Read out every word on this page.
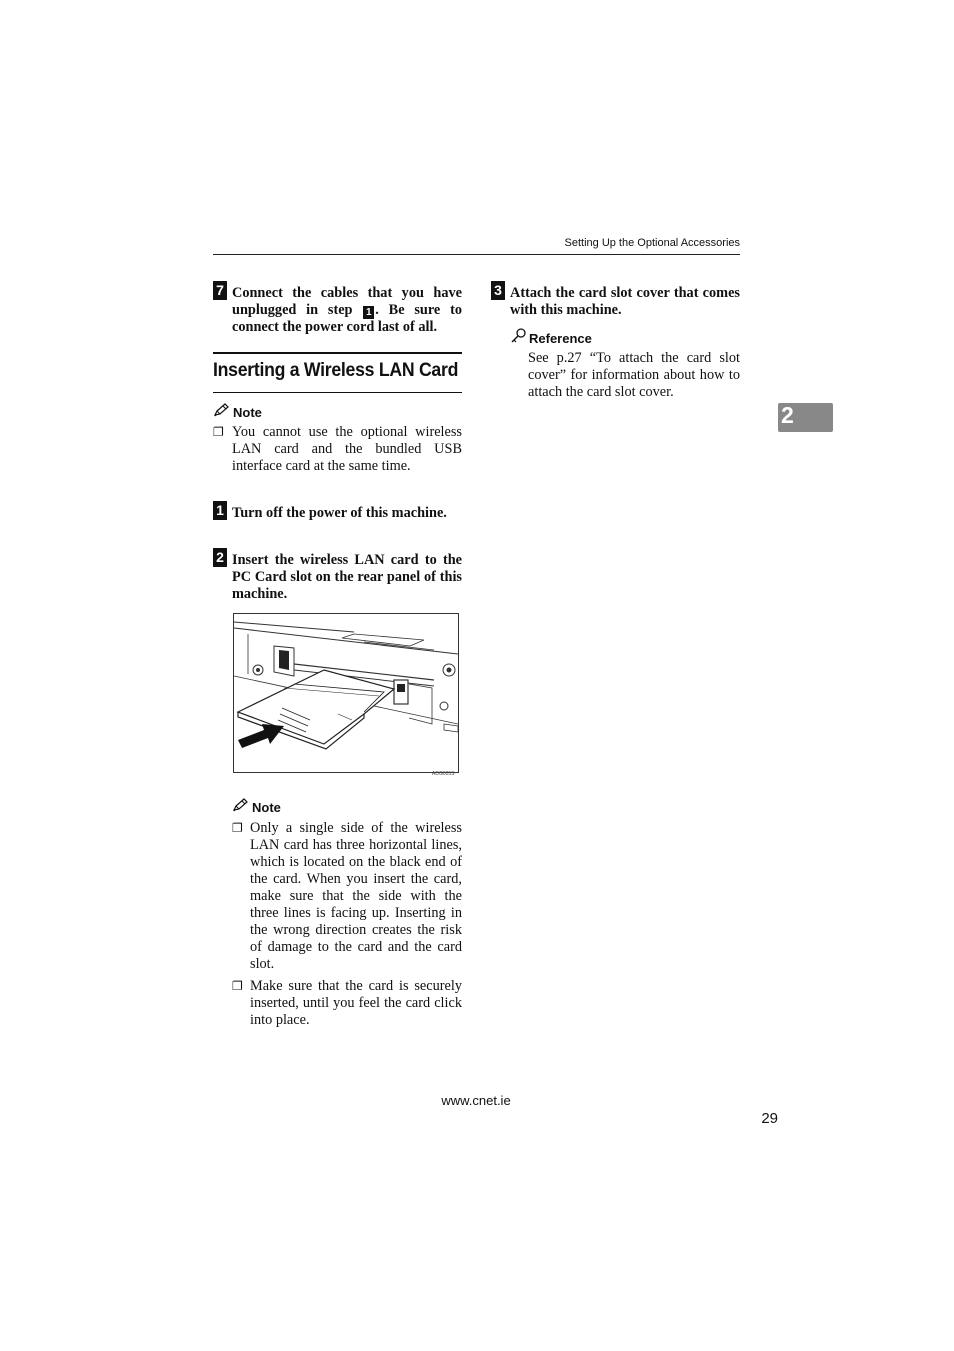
Setting Up the Optional Accessories
2
7 Connect the cables that you have unplugged in step 1 . Be sure to connect the power cord last of all.
Inserting a Wireless LAN Card
Note
❐ You cannot use the optional wireless LAN card and the bundled USB interface card at the same time.
1 Turn off the power of this machine.
2 Insert the wireless LAN card to the PC Card slot on the rear panel of this machine.
ADG005S
Note
❐ Only a single side of the wireless LAN card has three horizontal lines, which is located on the black end of the card. When you insert the card, make sure that the side with the three lines is facing up. Inserting in the wrong direction creates the risk of damage to the card and the card slot.
❐ Make sure that the card is securely inserted, until you feel the card click into place.
3 Attach the card slot cover that comes with this machine.
Reference
See p.27 “To attach the card slot cover” for information about how to attach the card slot cover.
www.cnet.ie
29
